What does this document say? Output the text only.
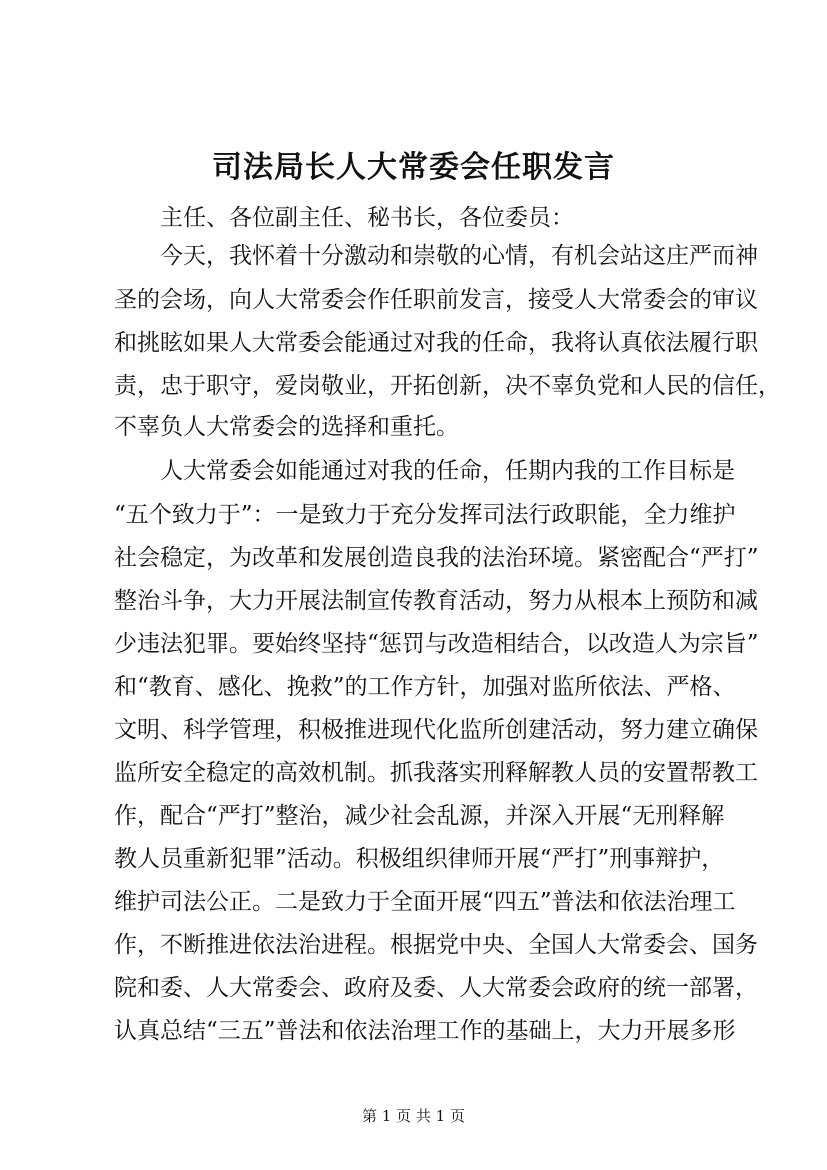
司法局长人大常委会任职发言
主任、各位副主任、秘书长，各位委员：
今天，我怀着十分激动和崇敬的心情，有机会站这庄严而神
圣的会场，向人大常委会作任职前发言，接受人大常委会的审议
和挑眩如果人大常委会能通过对我的任命，我将认真依法履行职
责，忠于职守，爱岗敬业，开拓创新，决不辜负党和人民的信任，
不辜负人大常委会的选择和重托。
人大常委会如能通过对我的任命，任期内我的工作目标是
“五个致力于”：一是致力于充分发挥司法行政职能，全力维护
社会稳定，为改革和发展创造良我的法治环境。紧密配合“严打”
整治斗争，大力开展法制宣传教育活动，努力从根本上预防和减
少违法犯罪。要始终坚持“惩罚与改造相结合，以改造人为宗旨”
和“教育、感化、挽救”的工作方针，加强对监所依法、严格、
文明、科学管理，积极推进现代化监所创建活动，努力建立确保
监所安全稳定的高效机制。抓我落实刑释解教人员的安置帮教工
作，配合“严打”整治，减少社会乱源，并深入开展“无刑释解
教人员重新犯罪”活动。积极组织律师开展“严打”刑事辩护，
维护司法公正。二是致力于全面开展“四五”普法和依法治理工
作，不断推进依法治进程。根据党中央、全国人大常委会、国务
院和委、人大常委会、政府及委、人大常委会政府的统一部署，
认真总结“三五”普法和依法治理工作的基础上，大力开展多形
第 1 页 共 1 页
